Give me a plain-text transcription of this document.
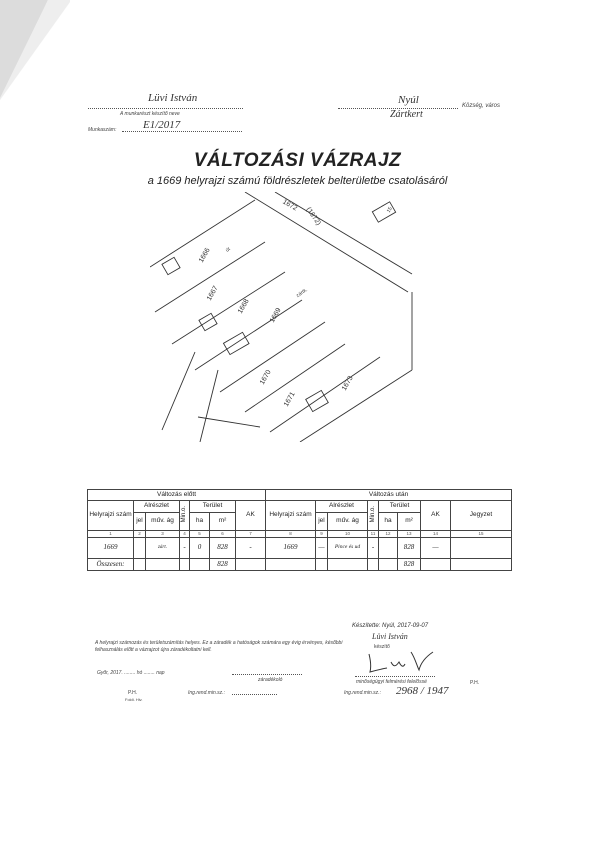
Lüvi István
A munkarészt készítő neve
Munkaszám: E1/2017
Nyúl	Község, város
Zártkert
VÁLTOZÁSI VÁZRAJZ
a 1669 helyrajzi számú földrészletek belterületbe csatolásáról
1666
1667
1668
1669
1670
1671
1672
(1672)
1673
15
út
zártk.
Változás előtt							Változás után							
Helyrajzi szám	Alrészlet		Min.o.	Terület		AK	Helyrajzi szám	Alrészlet		Min.o.	Terület		AK	Jegyzet
	jel	műv. ág		ha	m²			jel	műv. ág		ha	m²		
1	2	3	4	5	6	7	8	9	10	11	12	13	14	15
1669		zárt.	-	0	828	-	1669	—	Pince és ud	-		828	—	
Összesen:					828							828		
Készítette: Nyúl, 2017-09-07
Lüvi István
készítő
minőségügyi felmérési felelőssé	P.H.
Ing.rend.min.sz.: 2968 / 1947
A helyrajzi számozás és területszámítás helyes. Ez a záradék a hatóságok számára egy évig érvényes, későbbi felhasználás előtt a vázrajzot újra záradékoltatni kell.
Győr, 2017. ........ hó ........ nap
záradékoló
P.H.
Foldi. Hiv.
Ing.rend.min.sz.:
